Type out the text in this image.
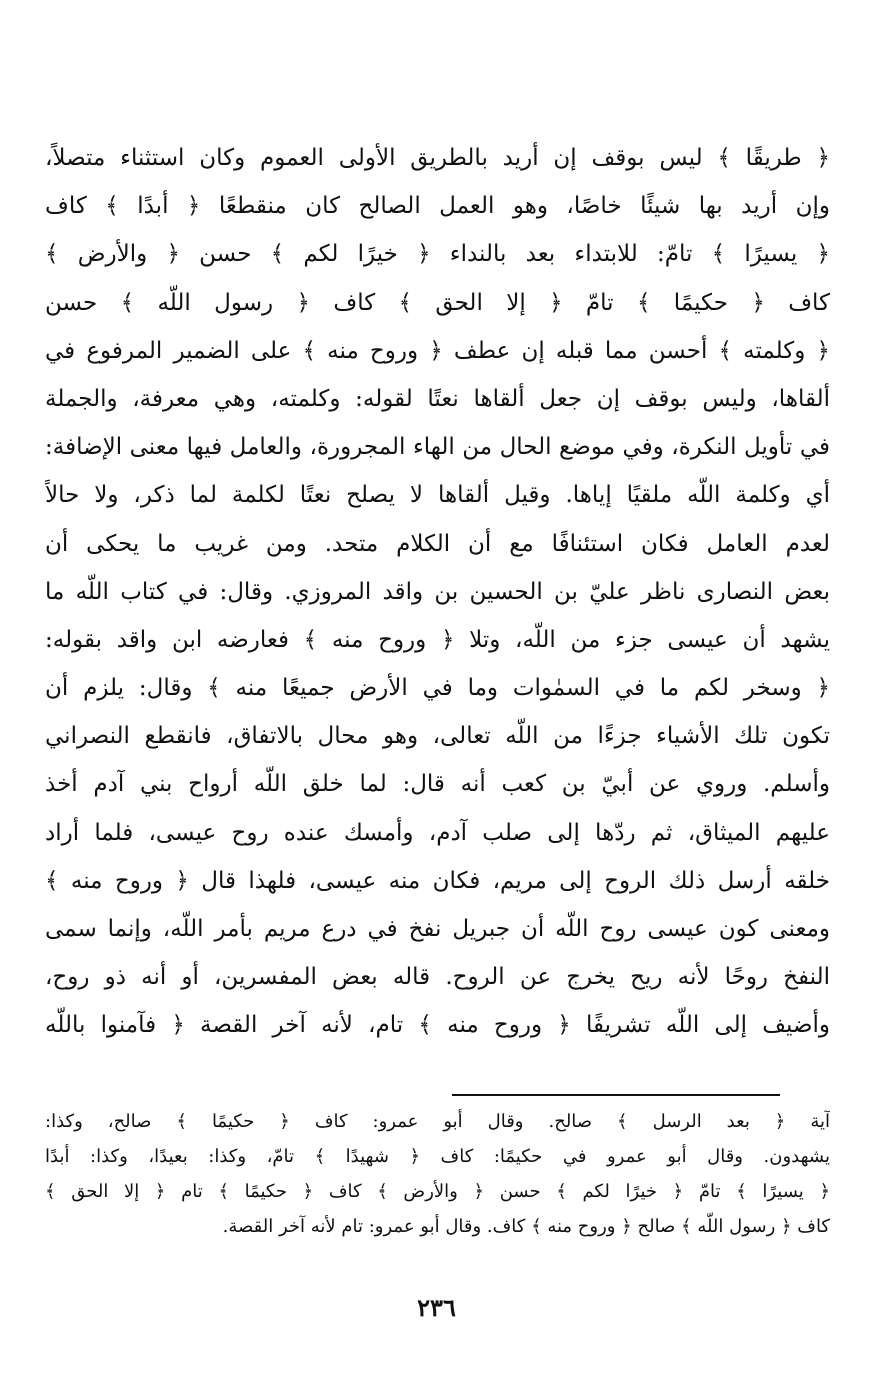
﴿ طريقًا ﴾ ليس بوقف إن أريد بالطريق الأولى العموم وكان استثناء متصلاً،
وإن أريد بها شيئًا خاصًا، وهو العمل الصالح كان منقطعًا ﴿ أبدًا ﴾ كاف
﴿ يسيرًا ﴾ تامّ: للابتداء بعد بالنداء ﴿ خيرًا لكم ﴾ حسن ﴿ والأرض ﴾
كاف ﴿ حكيمًا ﴾ تامّ ﴿ إلا الحق ﴾ كاف ﴿ رسول اللّه ﴾ حسن
﴿ وكلمته ﴾ أحسن مما قبله إن عطف ﴿ وروح منه ﴾ على الضمير المرفوع في
ألقاها، وليس بوقف إن جعل ألقاها نعتًا لقوله: وكلمته، وهي معرفة، والجملة
في تأويل النكرة، وفي موضع الحال من الهاء المجرورة، والعامل فيها معنى الإضافة:
أي وكلمة اللّه ملقيًا إياها. وقيل ألقاها لا يصلح نعتًا لكلمة لما ذكر، ولا حالاً
لعدم العامل فكان استئنافًا مع أن الكلام متحد. ومن غريب ما يحكى أن
بعض النصارى ناظر عليّ بن الحسين بن واقد المروزي. وقال: في كتاب اللّه ما
يشهد أن عيسى جزء من اللّه، وتلا ﴿ وروح منه ﴾ فعارضه ابن واقد بقوله:
﴿ وسخر لكم ما في السمٰوات وما في الأرض جميعًا منه ﴾ وقال: يلزم أن
تكون تلك الأشياء جزءًا من اللّه تعالى، وهو محال بالاتفاق، فانقطع النصراني
وأسلم. وروي عن أبيّ بن كعب أنه قال: لما خلق اللّه أرواح بني آدم أخذ
عليهم الميثاق، ثم ردّها إلى صلب آدم، وأمسك عنده روح عيسى، فلما أراد
خلقه أرسل ذلك الروح إلى مريم، فكان منه عيسى، فلهذا قال ﴿ وروح منه ﴾
ومعنى كون عيسى روح اللّه أن جبريل نفخ في درع مريم بأمر اللّه، وإنما سمى
النفخ روحًا لأنه ريح يخرج عن الروح. قاله بعض المفسرين، أو أنه ذو روح،
وأضيف إلى اللّه تشريفًا ﴿ وروح منه ﴾ تام، لأنه آخر القصة ﴿ فآمنوا باللّه
آية ﴿ بعد الرسل ﴾ صالح. وقال أبو عمرو: كاف ﴿ حكيمًا ﴾ صالح، وكذا:
يشهدون. وقال أبو عمرو في حكيمًا: كاف ﴿ شهيدًا ﴾ تامّ، وكذا: بعيدًا، وكذا: أبدًا
﴿ يسيرًا ﴾ تامّ ﴿ خيرًا لكم ﴾ حسن ﴿ والأرض ﴾ كاف ﴿ حكيمًا ﴾ تام ﴿ إلا الحق ﴾
كاف ﴿ رسول اللّه ﴾ صالح ﴿ وروح منه ﴾ كاف. وقال أبو عمرو: تام لأنه آخر القصة.
٢٣٦
